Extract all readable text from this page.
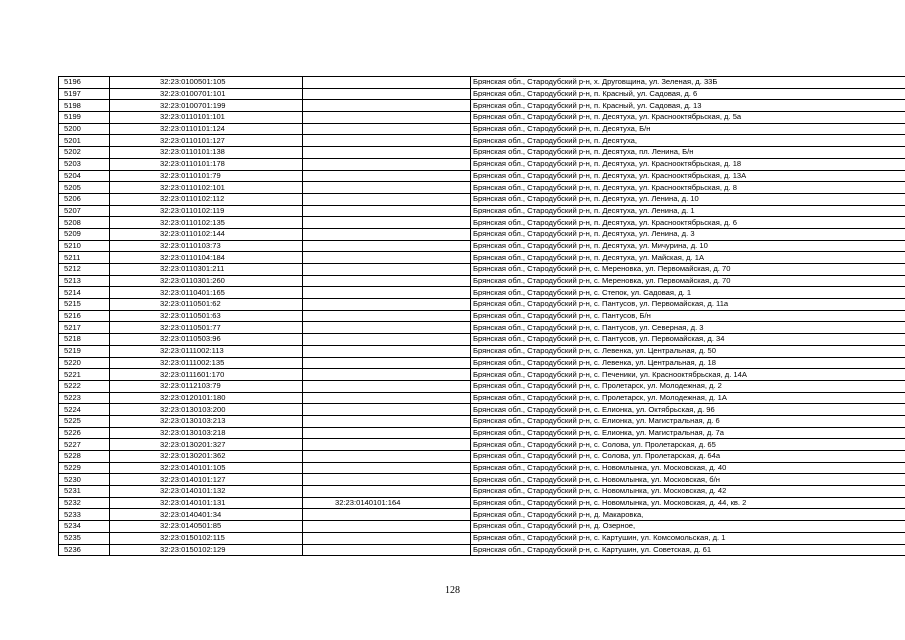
5196	32:23:0100501:105		Брянская обл., Стародубский р-н, х. Друговщина, ул. Зеленая, д. 33Б
5197	32:23:0100701:101		Брянская обл., Стародубский р-н, п. Красный, ул. Садовая, д. 6
5198	32:23:0100701:199		Брянская обл., Стародубский р-н, п. Красный, ул. Садовая, д. 13
5199	32:23:0110101:101		Брянская обл., Стародубский р-н, п. Десятуха, ул. Краснооктябрьская, д. 5а
5200	32:23:0110101:124		Брянская обл., Стародубский р-н, п. Десятуха, Б/н
5201	32:23:0110101:127		Брянская обл., Стародубский р-н, п. Десятуха,
5202	32:23:0110101:138		Брянская обл., Стародубский р-н, п. Десятуха, пл. Ленина, Б/н
5203	32:23:0110101:178		Брянская обл., Стародубский р-н, п. Десятуха, ул. Краснооктябрьская, д. 18
5204	32:23:0110101:79		Брянская обл., Стародубский р-н, п. Десятуха, ул. Краснооктябрьская, д. 13А
5205	32:23:0110102:101		Брянская обл., Стародубский р-н, п. Десятуха, ул. Краснооктябрьская, д. 8
5206	32:23:0110102:112		Брянская обл., Стародубский р-н, п. Десятуха, ул. Ленина, д. 10
5207	32:23:0110102:119		Брянская обл., Стародубский р-н, п. Десятуха, ул. Ленина, д. 1
5208	32:23:0110102:135		Брянская обл., Стародубский р-н, п. Десятуха, ул. Краснооктябрьская, д. 6
5209	32:23:0110102:144		Брянская обл., Стародубский р-н, п. Десятуха, ул. Ленина, д. 3
5210	32:23:0110103:73		Брянская обл., Стародубский р-н, п. Десятуха, ул. Мичурина, д. 10
5211	32:23:0110104:184		Брянская обл., Стародубский р-н, п. Десятуха, ул. Майская, д. 1А
5212	32:23:0110301:211		Брянская обл., Стародубский р-н, с. Мереновка, ул. Первомайская, д. 70
5213	32:23:0110301:260		Брянская обл., Стародубский р-н, с. Мереновка, ул. Первомайская, д. 70
5214	32:23:0110401:165		Брянская обл., Стародубский р-н, с. Степок, ул. Садовая, д. 1
5215	32:23:0110501:62		Брянская обл., Стародубский р-н, с. Пантусов, ул. Первомайская, д. 11а
5216	32:23:0110501:63		Брянская обл., Стародубский р-н, с. Пантусов, Б/н
5217	32:23:0110501:77		Брянская обл., Стародубский р-н, с. Пантусов, ул. Северная, д. 3
5218	32:23:0110503:96		Брянская обл., Стародубский р-н, с. Пантусов, ул. Первомайская, д. 34
5219	32:23:0111002:113		Брянская обл., Стародубский р-н, с. Левенка, ул. Центральная, д. 50
5220	32:23:0111002:135		Брянская обл., Стародубский р-н, с. Левенка, ул. Центральная, д. 18
5221	32:23:0111601:170		Брянская обл., Стародубский р-н, с. Печеники, ул. Краснооктябрьская, д. 14А
5222	32:23:0112103:79		Брянская обл., Стародубский р-н, с. Пролетарск, ул. Молодежная, д. 2
5223	32:23:0120101:180		Брянская обл., Стародубский р-н, с. Пролетарск, ул. Молодежная, д. 1А
5224	32:23:0130103:200		Брянская обл., Стародубский р-н, с. Елионка, ул. Октябрьская, д. 96
5225	32:23:0130103:213		Брянская обл., Стародубский р-н, с. Елионка, ул. Магистральная, д. 6
5226	32:23:0130103:218		Брянская обл., Стародубский р-н, с. Елионка, ул. Магистральная, д. 7а
5227	32:23:0130201:327		Брянская обл., Стародубский р-н, с. Солова, ул. Пролетарская, д. 65
5228	32:23:0130201:362		Брянская обл., Стародубский р-н, с. Солова, ул. Пролетарская, д. 64а
5229	32:23:0140101:105		Брянская обл., Стародубский р-н, с. Новомлынка, ул. Московская, д. 40
5230	32:23:0140101:127		Брянская обл., Стародубский р-н, с. Новомлынка, ул. Московская, б/н
5231	32:23:0140101:132		Брянская обл., Стародубский р-н, с. Новомлынка, ул. Московская, д. 42
5232	32:23:0140101:131	32:23:0140101:164	Брянская обл., Стародубский р-н, с. Новомлынка, ул. Московская, д. 44, кв. 2
5233	32:23:0140401:34		Брянская обл., Стародубский р-н, д. Макаровка,
5234	32:23:0140501:85		Брянская обл., Стародубский р-н, д. Озерное,
5235	32:23:0150102:115		Брянская обл., Стародубский р-н, с. Картушин, ул. Комсомольская, д. 1
5236	32:23:0150102:129		Брянская обл., Стародубский р-н, с. Картушин, ул. Советская, д. 61
128
